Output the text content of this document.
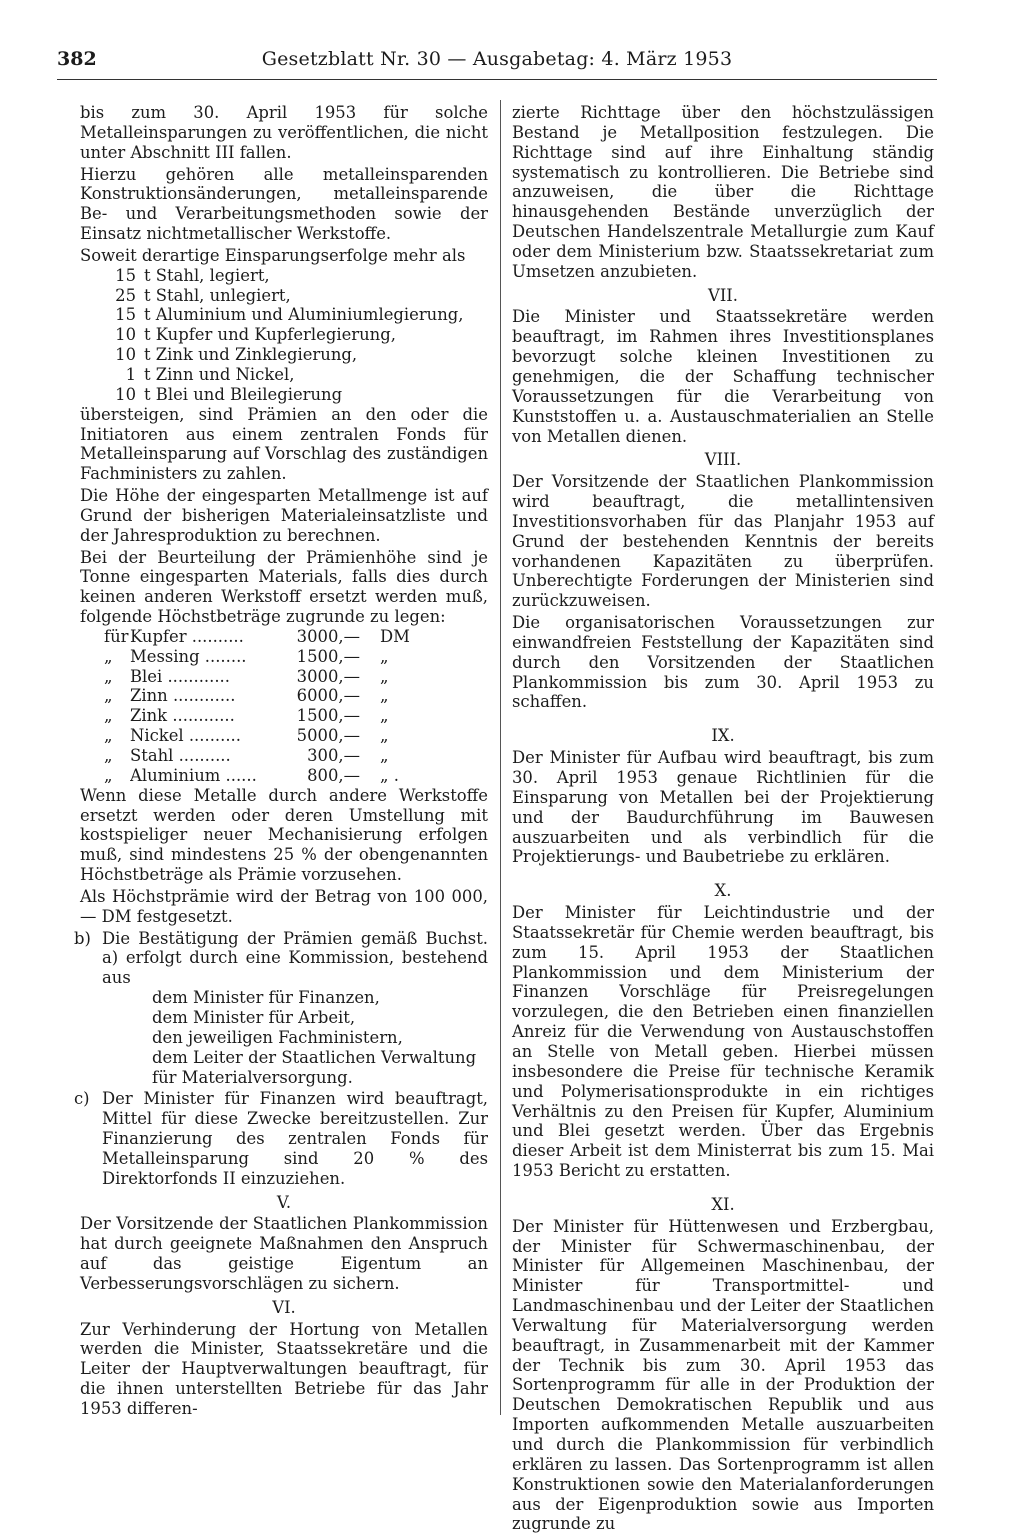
382	Gesetzblatt Nr. 30 — Ausgabetag: 4. März 1953

bis zum 30. April 1953 für solche Metalleinsparungen zu veröffentlichen, die nicht unter Abschnitt III fallen.

Hierzu gehören alle metalleinsparenden Konstruktionsänderungen, metalleinsparende Be- und Verarbeitungsmethoden sowie der Einsatz nichtmetallischer Werkstoffe.

Soweit derartige Einsparungserfolge mehr als

15 t Stahl, legiert,
25 t Stahl, unlegiert,
15 t Aluminium und Aluminiumlegierung,
10 t Kupfer und Kupferlegierung,
10 t Zink und Zinklegierung,
1 t Zinn und Nickel,
10 t Blei und Bleilegierung

übersteigen, sind Prämien an den oder die Initiatoren aus einem zentralen Fonds für Metalleinsparung auf Vorschlag des zuständigen Fachministers zu zahlen.

Die Höhe der eingesparten Metallmenge ist auf Grund der bisherigen Materialeinsatzliste und der Jahresproduktion zu berechnen.

Bei der Beurteilung der Prämienhöhe sind je Tonne eingesparten Materials, falls dies durch keinen anderen Werkstoff ersetzt werden muß, folgende Höchstbeträge zugrunde zu legen:

für Kupfer ..........	3000,— DM
„	Messing ........	1500,— „
„	Blei ............	3000,— „
„	Zinn ............	6000,— „
„	Zink ............	1500,— „
„	Nickel ..........	5000,— „
„	Stahl ..........	300,— „
„	Aluminium ......	800,— „ .

Wenn diese Metalle durch andere Werkstoffe ersetzt werden oder deren Umstellung mit kostspieliger neuer Mechanisierung erfolgen muß, sind mindestens 25 % der obengenannten Höchstbeträge als Prämie vorzusehen.

Als Höchstprämie wird der Betrag von 100 000,— DM festgesetzt.

b) Die Bestätigung der Prämien gemäß Buchst. a) erfolgt durch eine Kommission, bestehend aus

dem Minister für Finanzen,
dem Minister für Arbeit,
den jeweiligen Fachministern,
dem Leiter der Staatlichen Verwaltung für Materialversorgung.
c) Der Minister für Finanzen wird beauftragt, Mittel für diese Zwecke bereitzustellen. Zur Finanzierung des zentralen Fonds für Metalleinsparung sind 20 % des Direktorfonds II einzuziehen.

V.

Der Vorsitzende der Staatlichen Plankommission hat durch geeignete Maßnahmen den Anspruch auf das geistige Eigentum an Verbesserungsvorschlägen zu sichern.

VI.

Zur Verhinderung der Hortung von Metallen werden die Minister, Staatssekretäre und die Leiter der Hauptverwaltungen beauftragt, für die ihnen unterstellten Betriebe für das Jahr 1953 differen-

zierte Richttage über den höchstzulässigen Bestand je Metallposition festzulegen. Die Richttage sind auf ihre Einhaltung ständig systematisch zu kontrollieren. Die Betriebe sind anzuweisen, die über die Richttage hinausgehenden Bestände unverzüglich der Deutschen Handelszentrale Metallurgie zum Kauf oder dem Ministerium bzw. Staatssekretariat zum Umsetzen anzubieten.

VII.

Die Minister und Staatssekretäre werden beauftragt, im Rahmen ihres Investitionsplanes bevorzugt solche kleinen Investitionen zu genehmigen, die der Schaffung technischer Voraussetzungen für die Verarbeitung von Kunststoffen u. a. Austauschmaterialien an Stelle von Metallen dienen.

VIII.

Der Vorsitzende der Staatlichen Plankommission wird beauftragt, die metallintensiven Investitionsvorhaben für das Planjahr 1953 auf Grund der bestehenden Kenntnis der bereits vorhandenen Kapazitäten zu überprüfen. Unberechtigte Forderungen der Ministerien sind zurückzuweisen.

Die organisatorischen Voraussetzungen zur einwandfreien Feststellung der Kapazitäten sind durch den Vorsitzenden der Staatlichen Plankommission bis zum 30. April 1953 zu schaffen.

IX.

Der Minister für Aufbau wird beauftragt, bis zum 30. April 1953 genaue Richtlinien für die Einsparung von Metallen bei der Projektierung und der Baudurchführung im Bauwesen auszuarbeiten und als verbindlich für die Projektierungs- und Baubetriebe zu erklären.

X.

Der Minister für Leichtindustrie und der Staatssekretär für Chemie werden beauftragt, bis zum 15. April 1953 der Staatlichen Plankommission und dem Ministerium der Finanzen Vorschläge für Preisregelungen vorzulegen, die den Betrieben einen finanziellen Anreiz für die Verwendung von Austauschstoffen an Stelle von Metall geben. Hierbei müssen insbesondere die Preise für technische Keramik und Polymerisationsprodukte in ein richtiges Verhältnis zu den Preisen für Kupfer, Aluminium und Blei gesetzt werden. Über das Ergebnis dieser Arbeit ist dem Ministerrat bis zum 15. Mai 1953 Bericht zu erstatten.

XI.

Der Minister für Hüttenwesen und Erzbergbau, der Minister für Schwermaschinenbau, der Minister für Allgemeinen Maschinenbau, der Minister für Transportmittel- und Landmaschinenbau und der Leiter der Staatlichen Verwaltung für Materialversorgung werden beauftragt, in Zusammenarbeit mit der Kammer der Technik bis zum 30. April 1953 das Sortenprogramm für alle in der Produktion der Deutschen Demokratischen Republik und aus Importen aufkommenden Metalle auszuarbeiten und durch die Plankommission für verbindlich erklären zu lassen. Das Sortenprogramm ist allen Konstruktionen sowie den Materialanforderungen aus der Eigenproduktion sowie aus Importen zugrunde zu
